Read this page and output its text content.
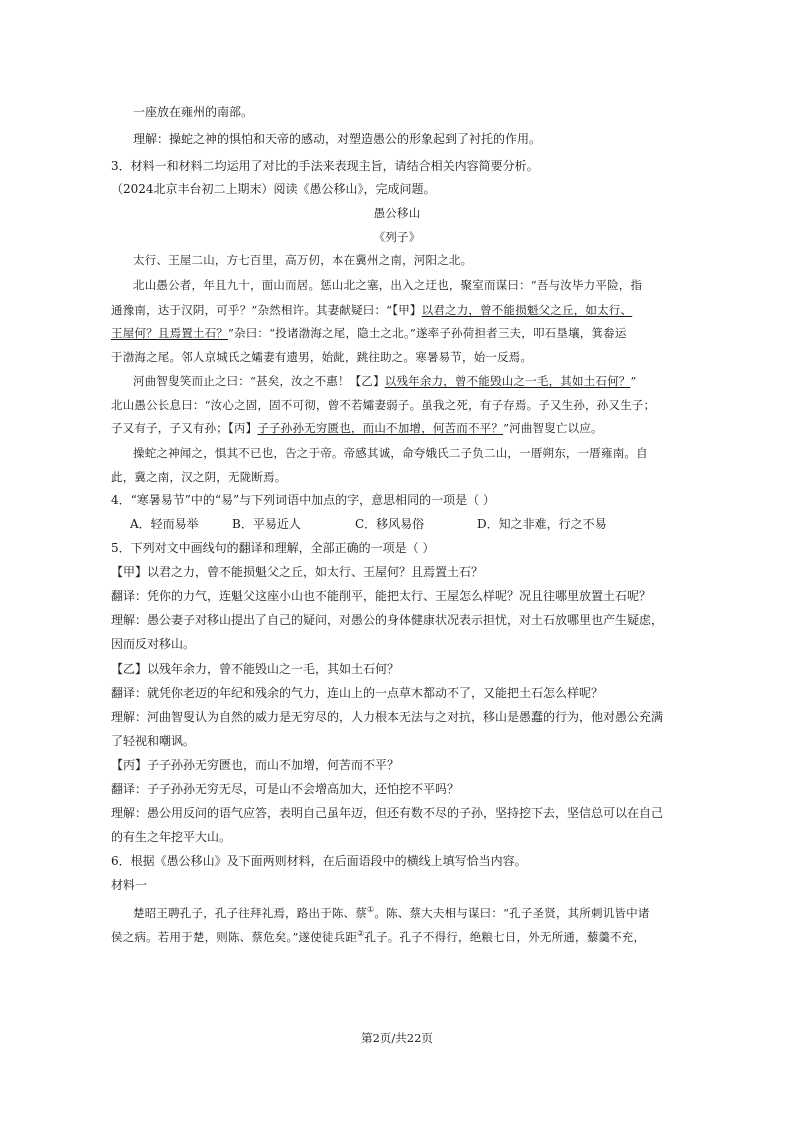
一座放在雍州的南部。
理解：操蛇之神的惧怕和天帝的感动，对塑造愚公的形象起到了衬托的作用。
3．材料一和材料二均运用了对比的手法来表现主旨，请结合相关内容简要分析。
（2024北京丰台初二上期末）阅读《愚公移山》，完成问题。
愚公移山
《列子》
太行、王屋二山，方七百里，高万仞，本在冀州之南，河阳之北。
北山愚公者，年且九十，面山而居。惩山北之塞，出入之迂也，聚室而谋曰：“吾与汝毕力平险，指
通豫南，达于汉阴，可乎？”杂然相许。其妻献疑曰：“【甲】以君之力，曾不能损魁父之丘，如太行、
王屋何？且焉置土石？”杂曰：“投诸渤海之尾，隐土之北。”遂率子孙荷担者三夫，叩石垦壤，箕畚运
于渤海之尾。邻人京城氏之孀妻有遗男，始龀，跳往助之。寒暑易节，始一反焉。
河曲智叟笑而止之曰：“甚矣，汝之不惠！【乙】以残年余力，曾不能毁山之一毛，其如土石何？”
北山愚公长息曰：“汝心之固，固不可彻，曾不若孀妻弱子。虽我之死，有子存焉。子又生孙，孙又生子；
子又有子，子又有孙；【丙】子子孙孙无穷匮也，而山不加增，何苦而不平？”河曲智叟亡以应。
操蛇之神闻之，惧其不已也，告之于帝。帝感其诚，命夸娥氏二子负二山，一厝朔东，一厝雍南。自
此，冀之南，汉之阴，无陇断焉。
4．“寒暑易节”中的“易”与下列词语中加点的字，意思相同的一项是（ ）
A．轻而易举	B．平易近人	C．移风易俗	D．知之非难，行之不易
5．下列对文中画线句的翻译和理解，全部正确的一项是（ ）
【甲】以君之力，曾不能损魁父之丘，如太行、王屋何？且焉置土石？
翻译：凭你的力气，连魁父这座小山也不能削平，能把太行、王屋怎么样呢？况且往哪里放置土石呢？
理解：愚公妻子对移山提出了自己的疑问，对愚公的身体健康状况表示担忧，对土石放哪里也产生疑虑，
因而反对移山。
【乙】以残年余力，曾不能毁山之一毛，其如土石何？
翻译：就凭你老迈的年纪和残余的气力，连山上的一点草木都动不了，又能把土石怎么样呢？
理解：河曲智叟认为自然的威力是无穷尽的，人力根本无法与之对抗，移山是愚蠢的行为，他对愚公充满
了轻视和嘲讽。
【丙】子子孙孙无穷匮也，而山不加增，何苦而不平？
翻译：子子孙孙无穷无尽，可是山不会增高加大，还怕挖不平吗？
理解：愚公用反问的语气应答，表明自己虽年迈，但还有数不尽的子孙，坚持挖下去，坚信总可以在自己
的有生之年挖平大山。
6．根据《愚公移山》及下面两则材料，在后面语段中的横线上填写恰当内容。
材料一
楚昭王聘孔子，孔子往拜礼焉，路出于陈、蔡①。陈、蔡大夫相与谋曰：“孔子圣贤，其所刺讥皆中诸
侯之病。若用于楚，则陈、蔡危矣。”遂使徒兵距②孔子。孔子不得行，绝粮七日，外无所通，藜羹不充，
第2页/共22页
